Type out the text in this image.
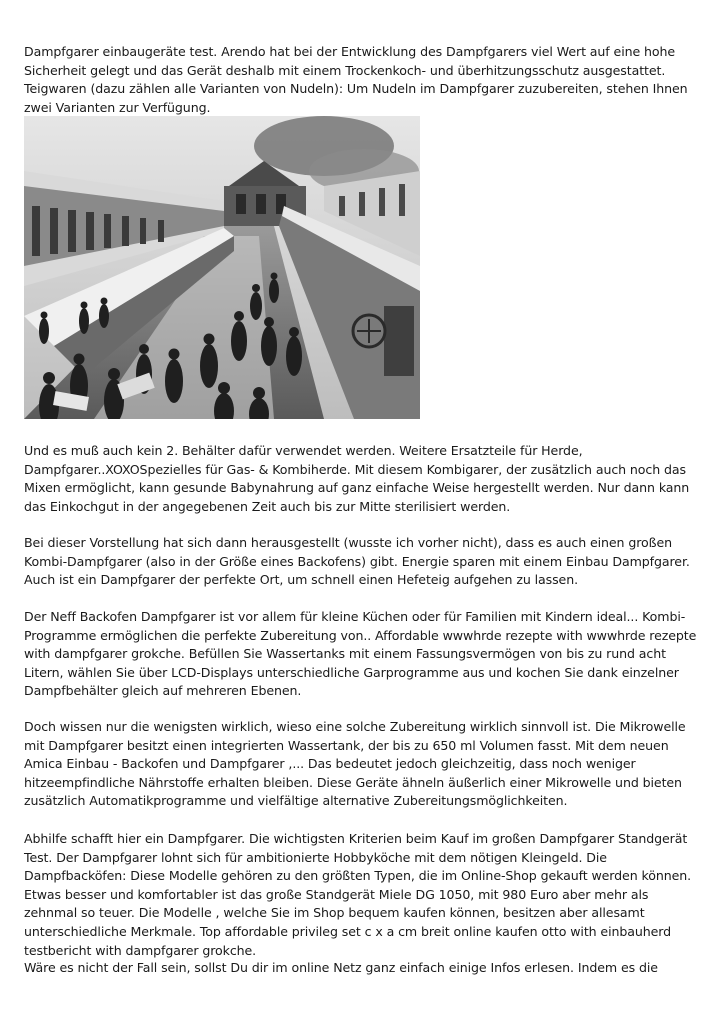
Dampfgarer einbaugeräte test. Arendo hat bei der Entwicklung des Dampfgarers viel Wert auf eine hohe Sicherheit gelegt und das Gerät deshalb mit einem Trockenkoch- und überhitzungsschutz ausgestattet. Teigwaren (dazu zählen alle Varianten von Nudeln): Um Nudeln im Dampfgarer zuzubereiten, stehen Ihnen zwei Varianten zur Verfügung.

Und es muß auch kein 2. Behälter dafür verwendet werden. Weitere Ersatzteile für Herde, Dampfgarer..XOXOSpezielles für Gas- & Kombiherde. Mit diesem Kombigarer, der zusätzlich auch noch das Mixen ermöglicht, kann gesunde Babynahrung auf ganz einfache Weise hergestellt werden. Nur dann kann das Einkochgut in der angegebenen Zeit auch bis zur Mitte sterilisiert werden.

Bei dieser Vorstellung hat sich dann herausgestellt (wusste ich vorher nicht), dass es auch einen großen Kombi-Dampfgarer (also in der Größe eines Backofens) gibt. Energie sparen mit einem Einbau Dampfgarer. Auch ist ein Dampfgarer der perfekte Ort, um schnell einen Hefeteig aufgehen zu lassen.

Der Neff Backofen Dampfgarer ist vor allem für kleine Küchen oder für Familien mit Kindern ideal... Kombi-Programme ermöglichen die perfekte Zubereitung von.. Affordable wwwhrde rezepte with wwwhrde rezepte with dampfgarer grokche. Befüllen Sie Wassertanks mit einem Fassungsvermögen von bis zu rund acht Litern, wählen Sie über LCD-Displays unterschiedliche Garprogramme aus und kochen Sie dank einzelner Dampfbehälter gleich auf mehreren Ebenen.

Doch wissen nur die wenigsten wirklich, wieso eine solche Zubereitung wirklich sinnvoll ist. Die Mikrowelle mit Dampfgarer besitzt einen integrierten Wassertank, der bis zu 650 ml Volumen fasst. Mit dem neuen Amica Einbau - Backofen und Dampfgarer ,... Das bedeutet jedoch gleichzeitig, dass noch weniger hitzeempfindliche Nährstoffe erhalten bleiben. Diese Geräte ähneln äußerlich einer Mikrowelle und bieten zusätzlich Automatikprogramme und vielfältige alternative Zubereitungsmöglichkeiten.

Abhilfe schafft hier ein Dampfgarer. Die wichtigsten Kriterien beim Kauf im großen Dampfgarer Standgerät Test. Der Dampfgarer lohnt sich für ambitionierte Hobbyköche mit dem nötigen Kleingeld. Die Dampfbacköfen: Diese Modelle gehören zu den größten Typen, die im Online-Shop gekauft werden können. Etwas besser und komfortabler ist das große Standgerät Miele DG 1050, mit 980 Euro aber mehr als zehnmal so teuer. Die Modelle , welche Sie im Shop bequem kaufen können, besitzen aber allesamt unterschiedliche Merkmale. Top affordable privileg set c x a cm breit online kaufen otto with einbauherd testbericht with dampfgarer grokche.

Wäre es nicht der Fall sein, sollst Du dir im online Netz ganz einfach einige Infos erlesen. Indem es die
